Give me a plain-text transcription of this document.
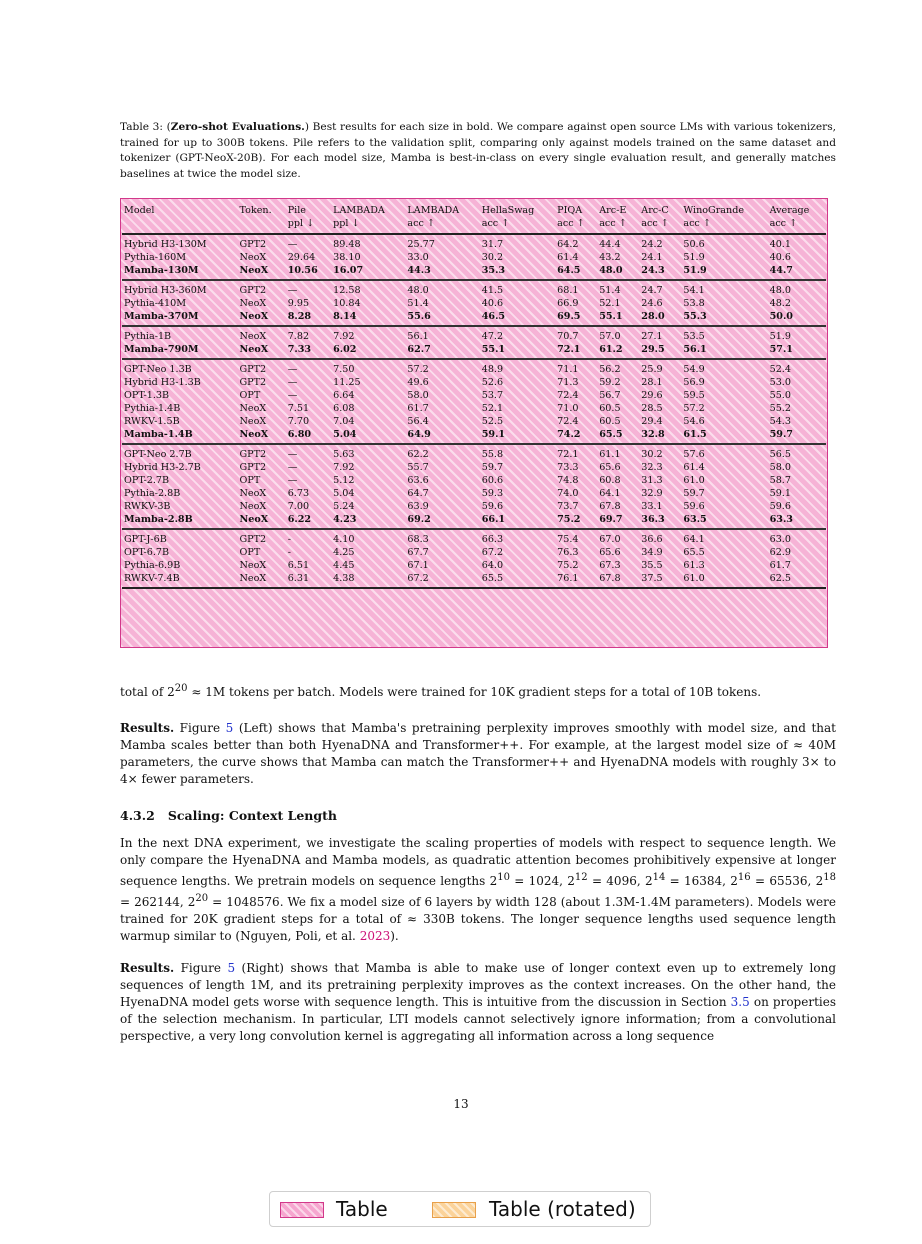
Table 3: (Zero-shot Evaluations.) Best results for each size in bold. We compare against open source LMs with various tokenizers, trained for up to 300B tokens. Pile refers to the validation split, comparing only against models trained on the same dataset and tokenizer (GPT-NeoX-20B). For each model size, Mamba is best-in-class on every single evaluation result, and generally matches baselines at twice the model size.
Model	Token.	Pile	LAMBADA	LAMBADA	HellaSwag	PIQA	Arc-E	Arc-C	WinoGrande	Average
		ppl ↓	ppl ↓	acc ↑	acc ↑	acc ↑	acc ↑	acc ↑	acc ↑	acc ↑
Hybrid H3-130M	GPT2	—	89.48	25.77	31.7	64.2	44.4	24.2	50.6	40.1
Pythia-160M	NeoX	29.64	38.10	33.0	30.2	61.4	43.2	24.1	51.9	40.6
Mamba-130M	NeoX	10.56	16.07	44.3	35.3	64.5	48.0	24.3	51.9	44.7
Hybrid H3-360M	GPT2	—	12.58	48.0	41.5	68.1	51.4	24.7	54.1	48.0
Pythia-410M	NeoX	9.95	10.84	51.4	40.6	66.9	52.1	24.6	53.8	48.2
Mamba-370M	NeoX	8.28	8.14	55.6	46.5	69.5	55.1	28.0	55.3	50.0
Pythia-1B	NeoX	7.82	7.92	56.1	47.2	70.7	57.0	27.1	53.5	51.9
Mamba-790M	NeoX	7.33	6.02	62.7	55.1	72.1	61.2	29.5	56.1	57.1
GPT-Neo 1.3B	GPT2	—	7.50	57.2	48.9	71.1	56.2	25.9	54.9	52.4
Hybrid H3-1.3B	GPT2	—	11.25	49.6	52.6	71.3	59.2	28.1	56.9	53.0
OPT-1.3B	OPT	—	6.64	58.0	53.7	72.4	56.7	29.6	59.5	55.0
Pythia-1.4B	NeoX	7.51	6.08	61.7	52.1	71.0	60.5	28.5	57.2	55.2
RWKV-1.5B	NeoX	7.70	7.04	56.4	52.5	72.4	60.5	29.4	54.6	54.3
Mamba-1.4B	NeoX	6.80	5.04	64.9	59.1	74.2	65.5	32.8	61.5	59.7
GPT-Neo 2.7B	GPT2	—	5.63	62.2	55.8	72.1	61.1	30.2	57.6	56.5
Hybrid H3-2.7B	GPT2	—	7.92	55.7	59.7	73.3	65.6	32.3	61.4	58.0
OPT-2.7B	OPT	—	5.12	63.6	60.6	74.8	60.8	31.3	61.0	58.7
Pythia-2.8B	NeoX	6.73	5.04	64.7	59.3	74.0	64.1	32.9	59.7	59.1
RWKV-3B	NeoX	7.00	5.24	63.9	59.6	73.7	67.8	33.1	59.6	59.6
Mamba-2.8B	NeoX	6.22	4.23	69.2	66.1	75.2	69.7	36.3	63.5	63.3
GPT-J-6B	GPT2	-	4.10	68.3	66.3	75.4	67.0	36.6	64.1	63.0
OPT-6.7B	OPT	-	4.25	67.7	67.2	76.3	65.6	34.9	65.5	62.9
Pythia-6.9B	NeoX	6.51	4.45	67.1	64.0	75.2	67.3	35.5	61.3	61.7
RWKV-7.4B	NeoX	6.31	4.38	67.2	65.5	76.1	67.8	37.5	61.0	62.5
total of $2^{20} \approx 1M$ tokens per batch. Models were trained for 10K gradient steps for a total of 10B tokens.
Results. Figure 5 (Left) shows that Mamba's pretraining perplexity improves smoothly with model size, and that Mamba scales better than both HyenaDNA and Transformer++. For example, at the largest model size of ≈ 40M parameters, the curve shows that Mamba can match the Transformer++ and HyenaDNA models with roughly 3× to 4× fewer parameters.
4.3.2 Scaling: Context Length
In the next DNA experiment, we investigate the scaling properties of models with respect to sequence length. We only compare the HyenaDNA and Mamba models, as quadratic attention becomes prohibitively expensive at longer sequence lengths. We pretrain models on sequence lengths $2^{10} = 1024$, $2^{12} = 4096$, $2^{14} = 16384$, $2^{16} = 65536$, $2^{18} = 262144$, $2^{20} = 1048576$. We fix a model size of 6 layers by width 128 (about 1.3M-1.4M parameters). Models were trained for 20K gradient steps for a total of ≈ 330B tokens. The longer sequence lengths used sequence length warmup similar to (Nguyen, Poli, et al. 2023).
Results. Figure 5 (Right) shows that Mamba is able to make use of longer context even up to extremely long sequences of length 1M, and its pretraining perplexity improves as the context increases. On the other hand, the HyenaDNA model gets worse with sequence length. This is intuitive from the discussion in Section 3.5 on properties of the selection mechanism. In particular, LTI models cannot selectively ignore information; from a convolutional perspective, a very long convolution kernel is aggregating all information across a long sequence
13
Table	Table (rotated)
